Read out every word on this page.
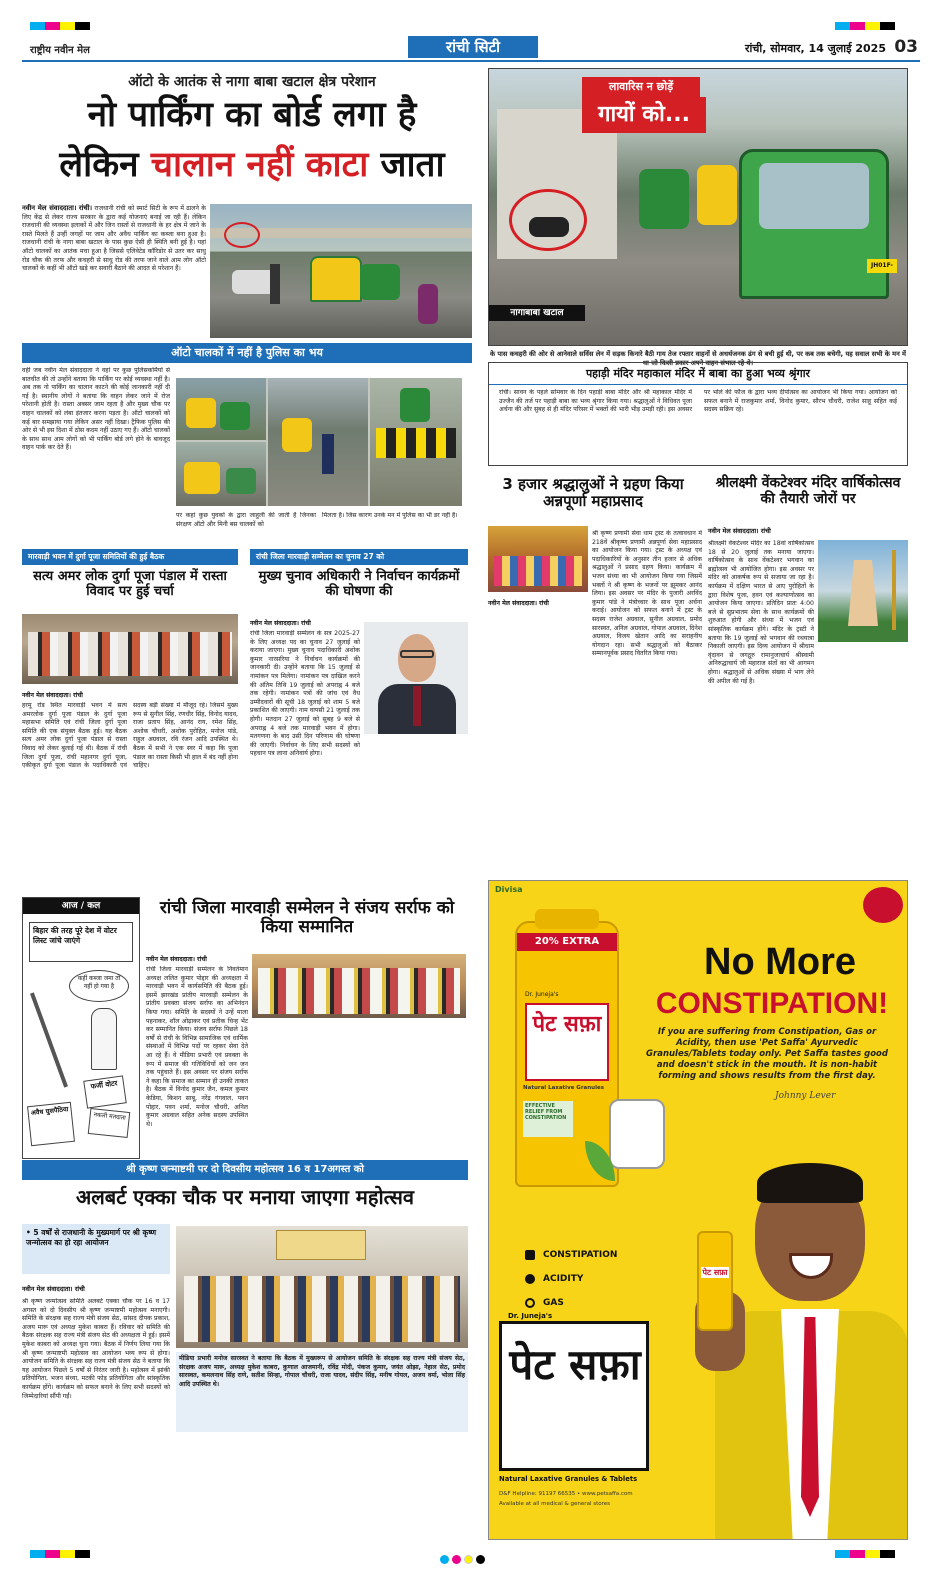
राष्ट्रीय नवीन मेल	रांची सिटी	रांची, सोमवार, 14 जुलाई 2025 03
ऑटो के आतंक से नागा बाबा खटाल क्षेत्र परेशान
नो पार्किंग का बोर्ड लगा है
लेकिन चालान नहीं काटा जाता
नवीन मेल संवाददाता। रांची। राजधानी रांची को स्मार्ट सिटी के रूप में ढालने के लिए केंद्र से लेकर राज्य सरकार के द्वारा कई योजनाएं बनाई जा रही हैं। लेकिन राजधानी की व्यवस्था इलाकों में और जिन रास्तों से राजधानी के हर क्षेत्र में जाने के रास्ते मिलते हैं उन्हीं जगहों पर जाम और अवैध पार्किंग का कब्जा बना हुआ है। राजधानी रांची के नागा बाबा खटाल के पास कुछ ऐसी ही स्थिति बनी हुई है। यहां ऑटो चालकों का आतंक मचा हुआ है जिससे एलिवेटेड कॉरिडोर से उतर कर साधु रोड चौक की तरफ और कचहरी से साधु रोड की तरफ जाने वाले आम लोग ऑटो चालकों के कहीं भी ऑटो खड़े कर सवारी बैठाने की आदत से परेशान हैं।
ऑटो चालकों में नहीं है पुलिस का भय
वहीं जब नवीन मेल संवाददाता ने वहां पर कुछ पुलिसकर्मियों से बातचीत की तो उन्होंने बताया कि पार्किंग पर कोई व्यवस्था नहीं है। अब तक नो पार्किंग का चालान काटने की कोई जानकारी नहीं दी गई है। स्थानीय लोगों ने बताया कि वाहन लेकर जाने में रोज परेशानी होती है। रास्ता अक्सर जाम रहता है और मुख्य चौक पर वाहन चालकों को लंबा इंतजार करना पड़ता है। ऑटो चालकों को कई बार समझाया गया लेकिन असर नहीं दिखा। ट्रैफिक पुलिस की ओर से भी इस दिशा में ठोस कदम नहीं उठाए गए हैं। ऑटो चालकों के साथ साथ आम लोगों को भी पार्किंग बोर्ड लगे होने के बावजूद वाहन पार्क कर देते हैं।
पर कहां कुछ युवकों के द्वारा जाहुली की जाती है जिनका संरक्षण ऑटो और मिनी बस चालकों को
मिलता है। जिस कारण उनके मन में पुलिस का भी डर नहीं है।
JH01F-
लावारिस न छोड़ें
गायों को...
नागाबाबा खटाल
के पास कचहरी की ओर से आनेवाले सर्विस लेन में सड़क किनारे बैठी गाय तेज रफ्तार वाहनों से अधर्थजनक ढंग से बची हुई थी, पर कब तक बचेगी, यह सवाल सभी के मन में था जो किसी प्रकार अपने वाहन संभाल रहे थे।
पहाड़ी मंदिर महाकाल मंदिर में बाबा का हुआ भव्य श्रृंगार
रांची। सावन के पहले सोमवार के दिन पहाड़ी बाबा मंदिर और श्री महाकाल मंदिर में उज्जैन की तर्ज पर पहाड़ी बाबा का भव्य श्रृंगार किया गया। श्रद्धालुओं ने विधिवत पूजा अर्चना की और सुबह से ही मंदिर परिसर में भक्तों की भारी भीड़ उमड़ी रही। इस अवसर पर भोले की फौज के द्वारा भव्य दीपोत्सव का आयोजन भी किया गया। आयोजन को सफल बनाने में राजकुमार शर्मा, विनोद कुमार, सौरभ चौधरी, राजेश साहू सहित कई सदस्य सक्रिय रहे।
3 हजार श्रद्धालुओं ने ग्रहण किया अन्नपूर्णा महाप्रसाद
नवीन मेल संवाददाता। रांची
श्री कृष्ण प्रणामी सेवा धाम ट्रस्ट के तत्वावधान में 218वें श्रीकृष्ण प्रणामी अन्नपूर्णा सेवा महाप्रसाद का आयोजन किया गया। ट्रस्ट के अध्यक्ष एवं पदाधिकारियों के अनुसार तीन हजार से अधिक श्रद्धालुओं ने प्रसाद ग्रहण किया। कार्यक्रम में भजन संध्या का भी आयोजन किया गया जिसमें भक्तों ने श्री कृष्ण के भजनों पर झूमकर आनंद लिया। इस अवसर पर मंदिर के पुजारी अरविंद कुमार पांडे ने मंत्रोच्चार के साथ पूजा अर्चना कराई। आयोजन को सफल बनाने में ट्रस्ट के सदस्य राजेश अग्रवाल, सुनील अग्रवाल, प्रमोद सारस्वत, अनिल अग्रवाल, गोपाल अग्रवाल, दिनेश अग्रवाल, विजय खेतान आदि का सराहनीय योगदान रहा। सभी श्रद्धालुओं को बैठाकर सम्मानपूर्वक प्रसाद वितरित किया गया।
श्रीलक्ष्मी वेंकटेश्वर मंदिर वार्षिकोत्सव की तैयारी जोरों पर
नवीन मेल संवाददाता। रांची
श्रीलक्ष्मी वेंकटेश्वर मंदिर का 18वां वार्षिकोत्सव 18 से 20 जुलाई तक मनाया जाएगा। वार्षिकोत्सव के साथ वेंकटेश्वर भगवान का ब्रह्मोत्सव भी आयोजित होगा। इस अवसर पर मंदिर को आकर्षक रूप से सजाया जा रहा है। कार्यक्रम में दक्षिण भारत से आए पुरोहितों के द्वारा विशेष पूजा, हवन एवं कल्याणोत्सव का आयोजन किया जाएगा। प्रतिदिन प्रातः 4:00 बजे से सुप्रभातम सेवा के साथ कार्यक्रमों की शुरुआत होगी और संध्या में भजन एवं सांस्कृतिक कार्यक्रम होंगे। मंदिर के ट्रस्टी ने बताया कि 19 जुलाई को भगवान की रथयात्रा निकाली जाएगी। इस दिव्य आयोजन में श्रीधाम वृंदावन से जगद्गुरु रामानुजाचार्य श्रीस्वामी अनिरुद्धाचार्य जी महाराज संतों का भी आगमन होगा। श्रद्धालुओं से अधिक संख्या में भाग लेने की अपील की गई है।
मारवाड़ी भवन में दुर्गा पूजा समितियों की हुई बैठक
सत्य अमर लोक दुर्गा पूजा पंडाल में रास्ता विवाद पर हुई चर्चा
नवीन मेल संवाददाता। रांची
हरमू रोड स्थित मारवाड़ी भवन में सत्य अमरलोक दुर्गा पूजा पंडाल के दुर्गा पूजा महासभा समिति एवं रांची जिला दुर्गा पूजा समिति की एक संयुक्त बैठक हुई। यह बैठक सत्य अमर लोक दुर्गा पूजा पंडाल से रास्ता विवाद को लेकर बुलाई गई थी। बैठक में रांची जिला दुर्गा पूजा, रांची महानगर दुर्गा पूजा, एकीकृत दुर्गा पूजा पंडाल के पदाधिकारी एवं सदस्य बड़ी संख्या में मौजूद रहे। जिसमें मुख्य रूप से सुनील सिंह, रणधीर सिंह, विनोद यादव, राजा प्रताप सिंह, आनंद राय, रमेश सिंह, अशोक चौधरी, अशोक पुरोहित, मनोज पांडे, राहुल अग्रवाल, रवि रंजन आदि उपस्थित थे। बैठक में सभी ने एक स्वर में कहा कि पूजा पंडाल का रास्ता किसी भी हाल में बंद नहीं होना चाहिए।
रांची जिला मारवाड़ी सम्मेलन का चुनाव 27 को
मुख्य चुनाव अधिकारी ने निर्वाचन कार्यक्रमों की घोषणा की
नवीन मेल संवाददाता। रांची
रांची जिला मारवाड़ी सम्मेलन के सत्र 2025-27 के लिए अध्यक्ष पद का चुनाव 27 जुलाई को कराया जाएगा। मुख्य चुनाव पदाधिकारी अशोक कुमार नारसरिया ने निर्वाचन कार्यक्रमों की जानकारी दी। उन्होंने बताया कि 15 जुलाई से नामांकन पत्र मिलेगा। नामांकन पत्र दाखिल करने की अंतिम तिथि 19 जुलाई को अपराह्न 4 बजे तक रहेगी। नामांकन पत्रों की जांच एवं वैध उम्मीदवारों की सूची 18 जुलाई को शाम 5 बजे प्रकाशित की जाएगी। नाम वापसी 21 जुलाई तक होगी। मतदान 27 जुलाई को सुबह 9 बजे से अपराह्न 4 बजे तक मारवाड़ी भवन में होगा। मतगणना के बाद उसी दिन परिणाम की घोषणा की जाएगी। निर्वाचन के लिए सभी सदस्यों को पहचान पत्र लाना अनिवार्य होगा।
आज / कल
बिहार की तरह पूरे देश में वोटर लिस्ट जांचे जाएंगे
कहीं कब्जा जमा तो नहीं हो गया है
फर्जी वोटर
नकली मतदाता
अवैध घुसपैठिया
रांची जिला मारवाड़ी सम्मेलन ने संजय सर्राफ को किया सम्मानित
नवीन मेल संवाददाता। रांची
रांची जिला मारवाड़ी सम्मेलन के निवर्तमान अध्यक्ष ललित कुमार पोद्दार की अध्यक्षता में मारवाड़ी भवन में कार्यसमिति की बैठक हुई। इसमें झारखंड प्रांतीय मारवाड़ी सम्मेलन के प्रांतीय प्रवक्ता संजय सर्राफ का अभिनंदन किया गया। समिति के सदस्यों ने उन्हें माला पहनाकर, शॉल ओढ़ाकर एवं प्रतीक चिन्ह भेंट कर सम्मानित किया। संजय सर्राफ पिछले 18 वर्षों से रांची के विभिन्न सामाजिक एवं धार्मिक संस्थाओं में विभिन्न पदों पर रहकर सेवा देते आ रहे हैं। वे मीडिया प्रभारी एवं प्रवक्ता के रूप में समाज की गतिविधियों को जन जन तक पहुंचाते हैं। इस अवसर पर संजय सर्राफ ने कहा कि समाज का सम्मान ही उनकी ताकत है। बैठक में विनोद कुमार जैन, कमल कुमार केडिया, किशन साबू, नरेंद्र गंगवाल, पवन पोद्दार, पवन शर्मा, मनोज चौधरी, अनिल कुमार अग्रवाल सहित अनेक सदस्य उपस्थित थे।
श्री कृष्ण जन्माष्टमी पर दो दिवसीय महोत्सव 16 व 17अगस्त को
अलबर्ट एक्का चौक पर मनाया जाएगा महोत्सव
• 5 वर्षों से राजधानी के मुख्यमार्ग पर श्री कृष्ण जन्मोत्सव का हो रहा आयोजन
नवीन मेल संवाददाता। रांची
श्री कृष्ण जन्मोत्सव समिति अलबर्ट एक्का चौक पर 16 व 17 अगस्त को दो दिवसीय श्री कृष्ण जन्माष्टमी महोत्सव मनाएगी। समिति के संरक्षक सह राज्य मंत्री संजय सेठ, सांसद दीपक प्रकाश, अजय मारू एवं अध्यक्ष मुकेश काबरा हैं। रविवार को समिति की बैठक संरक्षक सह राज्य मंत्री संजय सेठ की अध्यक्षता में हुई। इसमें मुकेश काबरा को अध्यक्ष चुना गया। बैठक में निर्णय लिया गया कि श्री कृष्ण जन्माष्टमी महोत्सव का आयोजन भव्य रूप से होगा। आयोजन समिति के संरक्षक सह राज्य मंत्री संजय सेठ ने बताया कि यह आयोजन पिछले 5 वर्षों से निरंतर जारी है। महोत्सव में झांकी प्रतियोगिता, भजन संध्या, मटकी फोड़ प्रतियोगिता और सांस्कृतिक कार्यक्रम होंगे। कार्यक्रम को सफल बनाने के लिए सभी सदस्यों को जिम्मेदारियां सौंपी गईं।
मीडिया प्रभारी मनोज सारस्वत ने बताया कि बैठक में मुख्यरूप से आयोजन समिति के संरक्षक सह राज्य मंत्री संजय सेठ, संरक्षक अजय मारू, अध्यक्ष मुकेश काबरा, कुणाल आजमानी, रविंद्र मोदी, पंकज कुमार, जयंत ओझा, नेहाल सेठ, प्रमोद सारस्वत, कमलनाथ सिंह राणे, सतीश सिन्हा, गोपाल चौधरी, राजा यादव, संदीप सिंह, मनीष गोयल, अजय वर्मा, भोला सिंह आदि उपस्थित थे।
Divisa
20% EXTRA
Dr. Juneja's
पेट सफ़ा
Natural Laxative Granules
EFFECTIVE RELIEF FROM CONSTIPATION
No More
CONSTIPATION!
If you are suffering from Constipation, Gas or Acidity, then use 'Pet Saffa' Ayurvedic Granules/Tablets today only. Pet Saffa tastes good and doesn't stick in the mouth. It is non-habit forming and shows results from the first day.
Johnny Lever
CONSTIPATION
ACIDITY
GAS
Dr. Juneja's
पेट सफ़ा
Natural Laxative Granules & Tablets
D&F Helpline: 91197 66535 • www.petsaffa.com
Available at all medical & general stores
पेट सफ़ा
